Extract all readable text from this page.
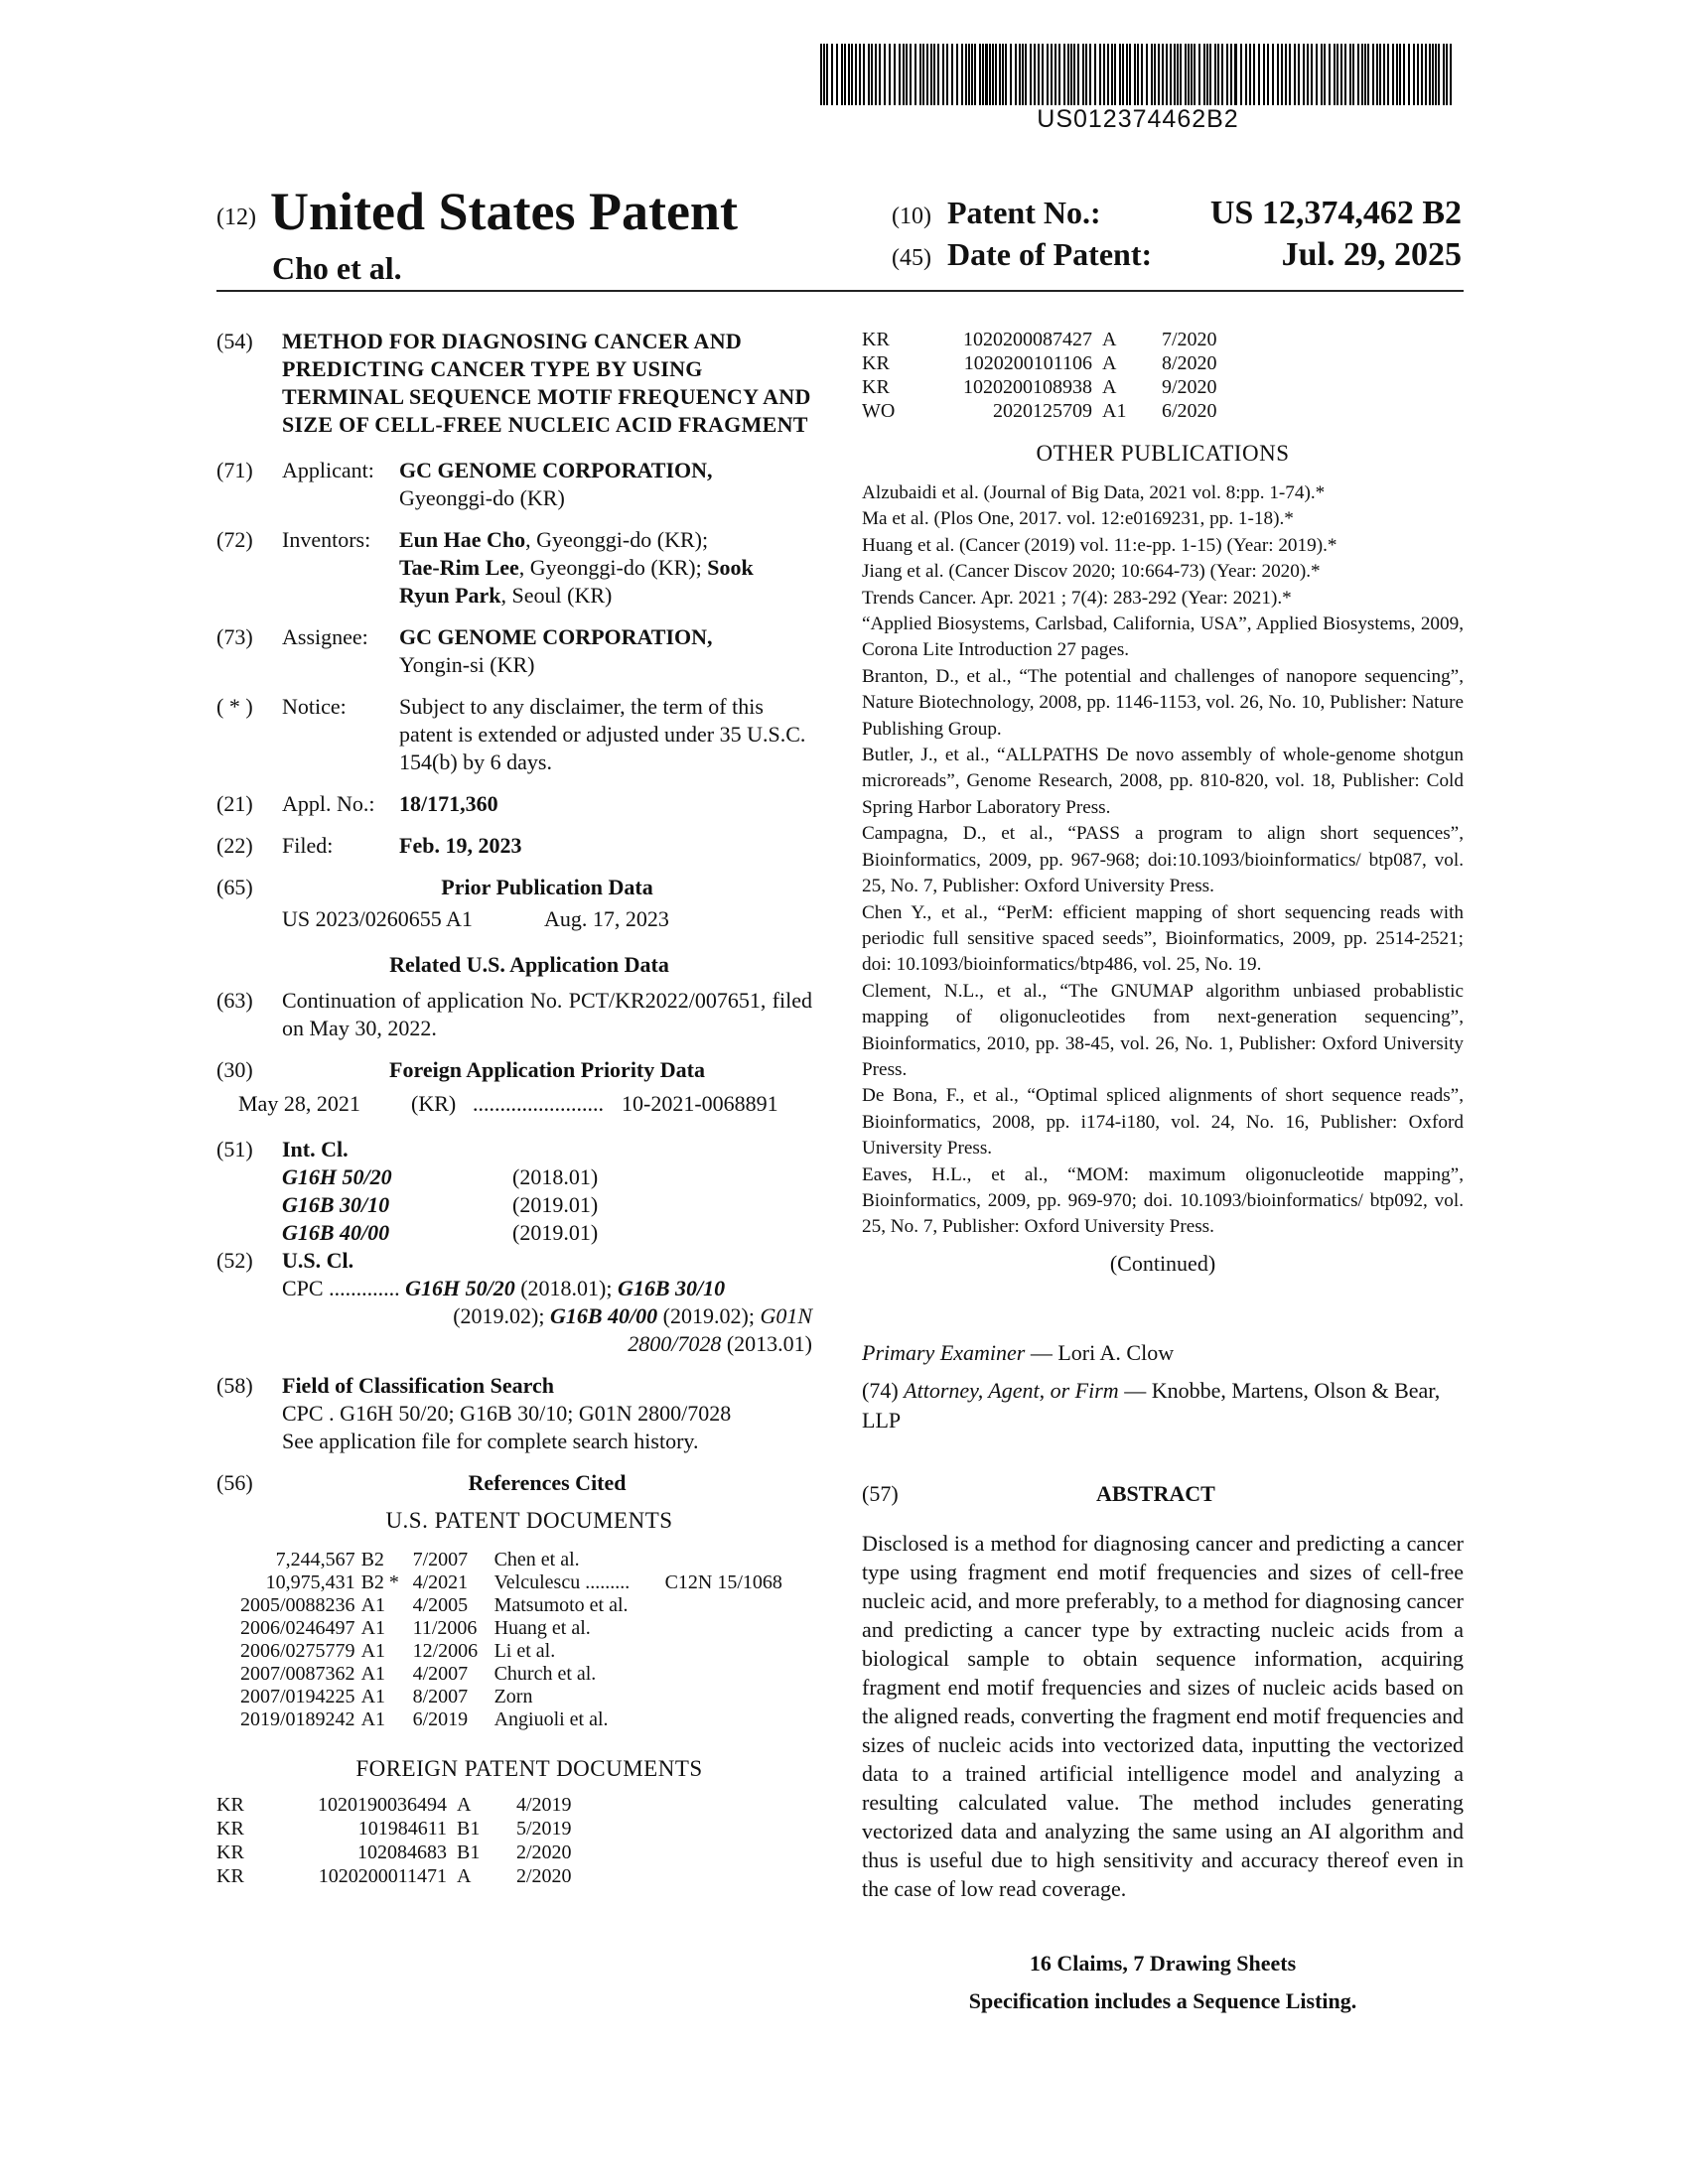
US012374462B2
(12) United States Patent
Cho et al.
(10) Patent No.:	US 12,374,462 B2
(45) Date of Patent:	Jul. 29, 2025
(54)	METHOD FOR DIAGNOSING CANCER AND PREDICTING CANCER TYPE BY USING TERMINAL SEQUENCE MOTIF FREQUENCY AND SIZE OF CELL-FREE NUCLEIC ACID FRAGMENT
(71)	Applicant:	GC GENOME CORPORATION,
Gyeonggi-do (KR)
(72)	Inventors:	Eun Hae Cho, Gyeonggi-do (KR);
Tae-Rim Lee, Gyeonggi-do (KR); Sook
Ryun Park, Seoul (KR)
(73)	Assignee:	GC GENOME CORPORATION,
Yongin-si (KR)
( * )	Notice:	Subject to any disclaimer, the term of this patent is extended or adjusted under 35 U.S.C. 154(b) by 6 days.
(21)	Appl. No.:	18/171,360
(22)	Filed:	Feb. 19, 2023
(65)	Prior Publication Data
US 2023/0260655 A1	Aug. 17, 2023
Related U.S. Application Data
(63)	Continuation of application No. PCT/KR2022/007651, filed on May 30, 2022.
(30)	Foreign Application Priority Data
May 28, 2021	(KR) ........................ 10-2021-0068891
(51)	Int. Cl.
G16H 50/20	(2018.01)
G16B 30/10	(2019.01)
G16B 40/00	(2019.01)
(52)	U.S. Cl.
CPC ............. G16H 50/20 (2018.01); G16B 30/10
(2019.02); G16B 40/00 (2019.02); G01N
2800/7028 (2013.01)
(58)	Field of Classification Search
CPC . G16H 50/20; G16B 30/10; G01N 2800/7028
See application file for complete search history.
(56)	References Cited
U.S. PATENT DOCUMENTS
7,244,567	B2	7/2007	Chen et al.	
10,975,431	B2 *	4/2021	Velculescu .........	C12N 15/1068
2005/0088236	A1	4/2005	Matsumoto et al.	
2006/0246497	A1	11/2006	Huang et al.	
2006/0275779	A1	12/2006	Li et al.	
2007/0087362	A1	4/2007	Church et al.	
2007/0194225	A1	8/2007	Zorn	
2019/0189242	A1	6/2019	Angiuoli et al.	
FOREIGN PATENT DOCUMENTS
KR	1020190036494	A	4/2019
KR	101984611	B1	5/2019
KR	102084683	B1	2/2020
KR	1020200011471	A	2/2020
KR	1020200087427	A	7/2020
KR	1020200101106	A	8/2020
KR	1020200108938	A	9/2020
WO	2020125709	A1	6/2020
OTHER PUBLICATIONS
Alzubaidi et al. (Journal of Big Data, 2021 vol. 8:pp. 1-74).*
Ma et al. (Plos One, 2017. vol. 12:e0169231, pp. 1-18).*
Huang et al. (Cancer (2019) vol. 11:e-pp. 1-15) (Year: 2019).*
Jiang et al. (Cancer Discov 2020; 10:664-73) (Year: 2020).*
Trends Cancer. Apr. 2021 ; 7(4): 283-292 (Year: 2021).*
“Applied Biosystems, Carlsbad, California, USA”, Applied Biosystems, 2009, Corona Lite Introduction 27 pages.
Branton, D., et al., “The potential and challenges of nanopore sequencing”, Nature Biotechnology, 2008, pp. 1146-1153, vol. 26, No. 10, Publisher: Nature Publishing Group.
Butler, J., et al., “ALLPATHS De novo assembly of whole-genome shotgun microreads”, Genome Research, 2008, pp. 810-820, vol. 18, Publisher: Cold Spring Harbor Laboratory Press.
Campagna, D., et al., “PASS a program to align short sequences”, Bioinformatics, 2009, pp. 967-968; doi:10.1093/bioinformatics/ btp087, vol. 25, No. 7, Publisher: Oxford University Press.
Chen Y., et al., “PerM: efficient mapping of short sequencing reads with periodic full sensitive spaced seeds”, Bioinformatics, 2009, pp. 2514-2521; doi: 10.1093/bioinformatics/btp486, vol. 25, No. 19.
Clement, N.L., et al., “The GNUMAP algorithm unbiased probablistic mapping of oligonucleotides from next-generation sequencing”, Bioinformatics, 2010, pp. 38-45, vol. 26, No. 1, Publisher: Oxford University Press.
De Bona, F., et al., “Optimal spliced alignments of short sequence reads”, Bioinformatics, 2008, pp. i174-i180, vol. 24, No. 16, Publisher: Oxford University Press.
Eaves, H.L., et al., “MOM: maximum oligonucleotide mapping”, Bioinformatics, 2009, pp. 969-970; doi. 10.1093/bioinformatics/ btp092, vol. 25, No. 7, Publisher: Oxford University Press.
(Continued)
Primary Examiner — Lori A. Clow
(74) Attorney, Agent, or Firm — Knobbe, Martens, Olson & Bear, LLP
(57)	ABSTRACT
Disclosed is a method for diagnosing cancer and predicting a cancer type using fragment end motif frequencies and sizes of cell-free nucleic acid, and more preferably, to a method for diagnosing cancer and predicting a cancer type by extracting nucleic acids from a biological sample to obtain sequence information, acquiring fragment end motif frequencies and sizes of nucleic acids based on the aligned reads, converting the fragment end motif frequencies and sizes of nucleic acids into vectorized data, inputting the vectorized data to a trained artificial intelligence model and analyzing a resulting calculated value. The method includes generating vectorized data and analyzing the same using an AI algorithm and thus is useful due to high sensitivity and accuracy thereof even in the case of low read coverage.
16 Claims, 7 Drawing Sheets
Specification includes a Sequence Listing.
